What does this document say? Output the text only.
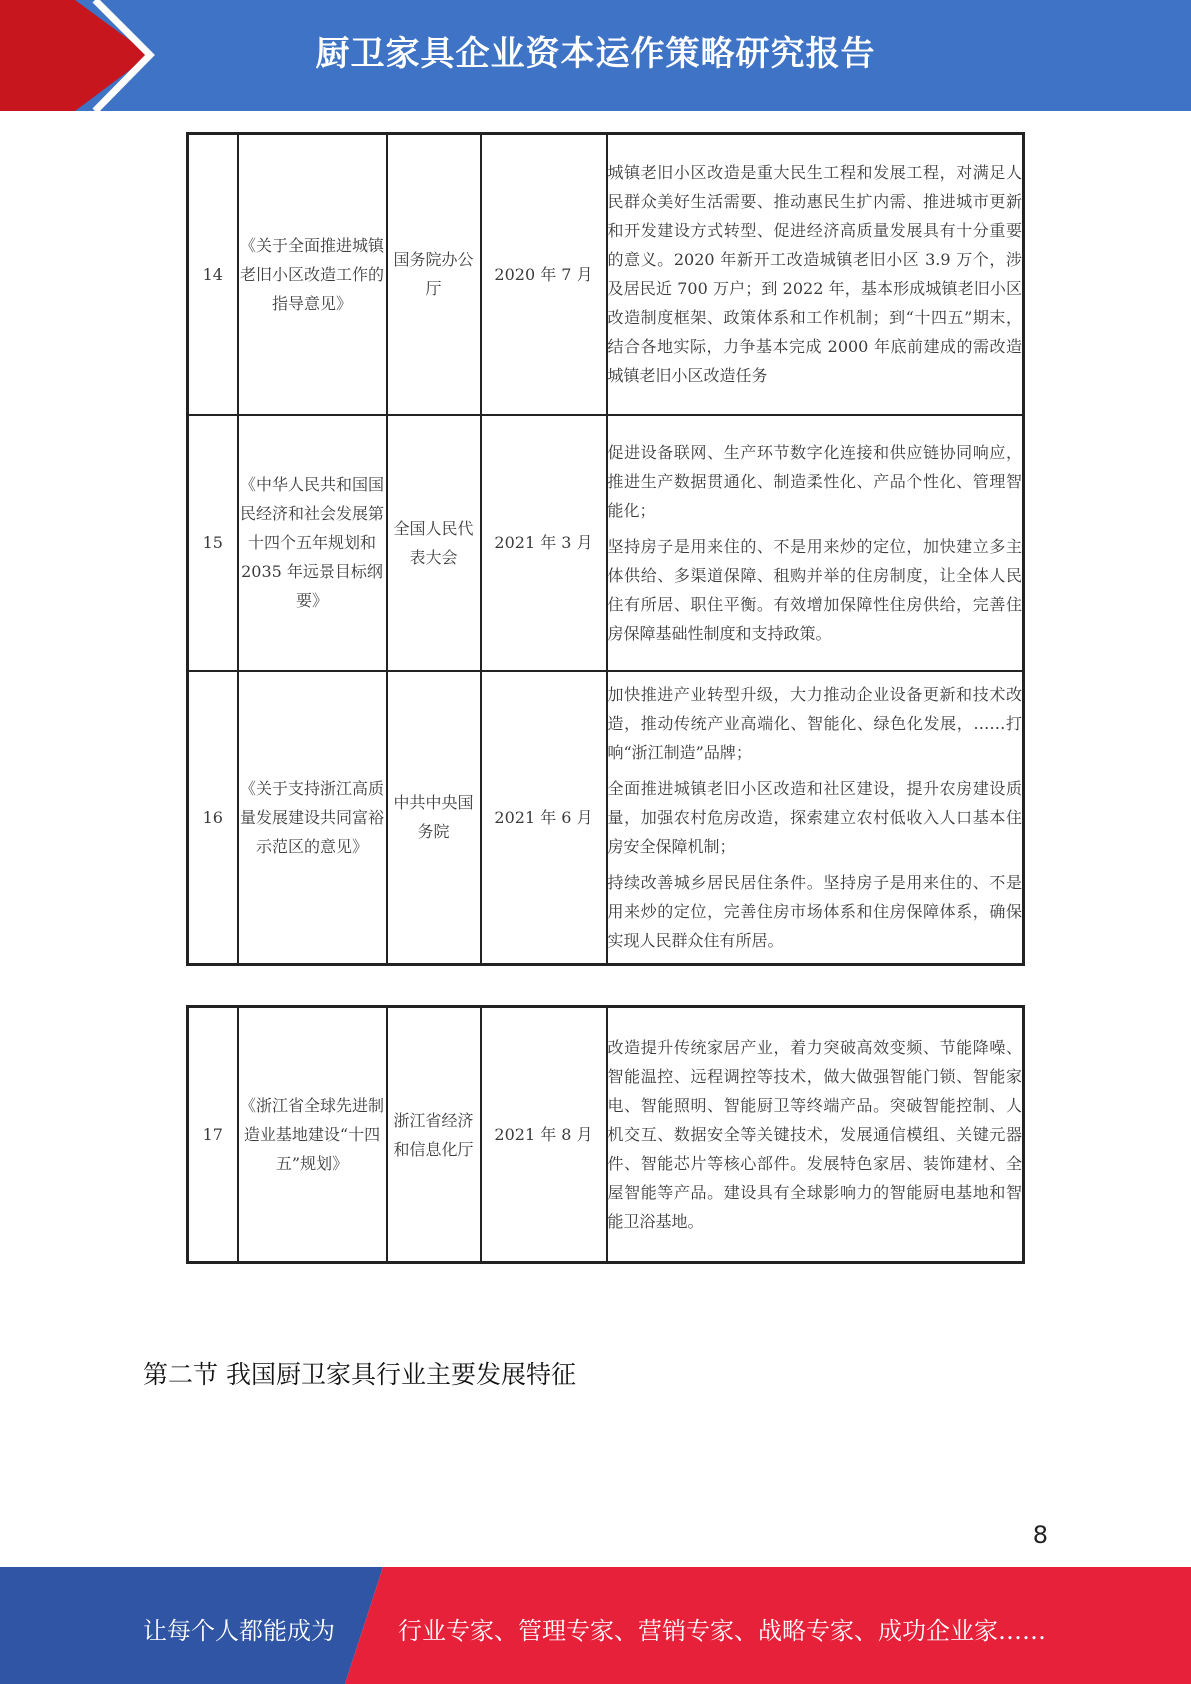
厨卫家具企业资本运作策略研究报告
14	《关于全面推进城镇老旧小区改造工作的指导意见》	国务院办公厅	2020 年 7 月	城镇老旧小区改造是重大民生工程和发展工程，对满足人民群众美好生活需要、推动惠民生扩内需、推进城市更新和开发建设方式转型、促进经济高质量发展具有十分重要的意义。2020 年新开工改造城镇老旧小区 3.9 万个，涉及居民近 700 万户；到 2022 年，基本形成城镇老旧小区改造制度框架、政策体系和工作机制；到“十四五”期末，结合各地实际，力争基本完成 2000 年底前建成的需改造城镇老旧小区改造任务

15	《中华人民共和国国民经济和社会发展第十四个五年规划和 2035 年远景目标纲要》	全国人民代表大会	2021 年 3 月	促进设备联网、生产环节数字化连接和供应链协同响应，推进生产数据贯通化、制造柔性化、产品个性化、管理智能化；

坚持房子是用来住的、不是用来炒的定位，加快建立多主体供给、多渠道保障、租购并举的住房制度，让全体人民住有所居、职住平衡。有效增加保障性住房供给，完善住房保障基础性制度和支持政策。

16	《关于支持浙江高质量发展建设共同富裕示范区的意见》	中共中央国务院	2021 年 6 月	加快推进产业转型升级，大力推动企业设备更新和技术改造，推动传统产业高端化、智能化、绿色化发展，……打响“浙江制造”品牌；

全面推进城镇老旧小区改造和社区建设，提升农房建设质量，加强农村危房改造，探索建立农村低收入人口基本住房安全保障机制；

持续改善城乡居民居住条件。坚持房子是用来住的、不是用来炒的定位，完善住房市场体系和住房保障体系，确保实现人民群众住有所居。

17	《浙江省全球先进制造业基地建设“十四五”规划》	浙江省经济和信息化厅	2021 年 8 月	

改造提升传统家居产业，着力突破高效变频、节能降噪、智能温控、远程调控等技术，做大做强智能门锁、智能家电、智能照明、智能厨卫等终端产品。突破智能控制、人机交互、数据安全等关键技术，发展通信模组、关键元器件、智能芯片等核心部件。发展特色家居、装饰建材、全屋智能等产品。建设具有全球影响力的智能厨电基地和智能卫浴基地。

第二节 我国厨卫家具行业主要发展特征
8
让每个人都能成为	行业专家、管理专家、营销专家、战略专家、成功企业家……
